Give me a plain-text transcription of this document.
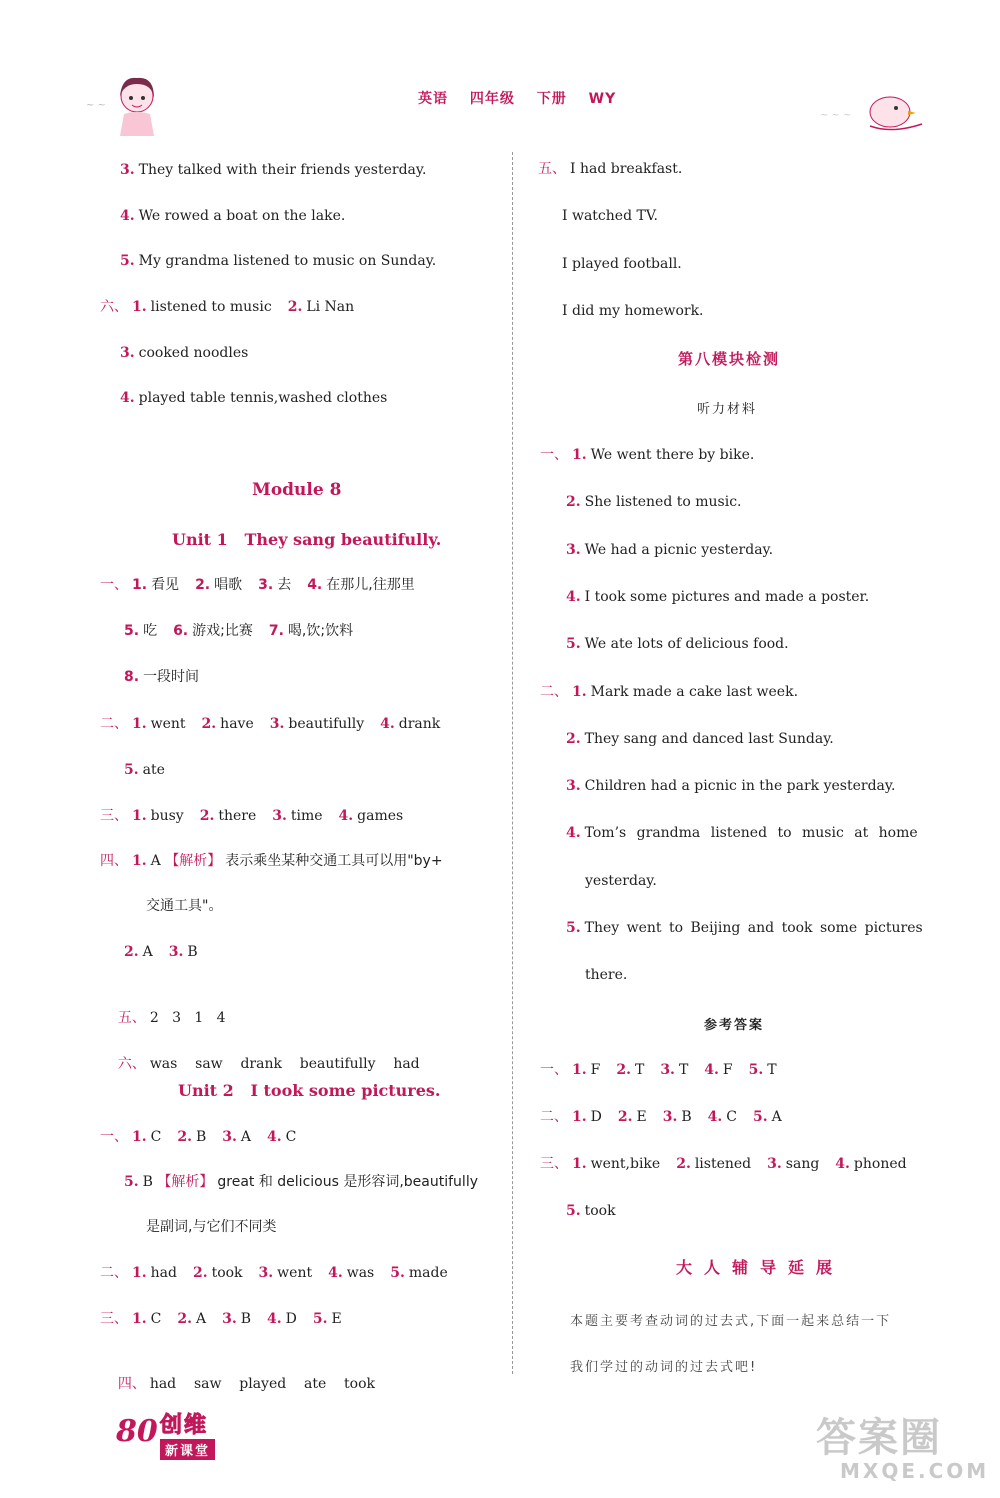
~ ~	英语 四年级 下册 WY
~ ~ ~
3. They talked with their friends yesterday.
4. We rowed a boat on the lake.
5. My grandma listened to music on Sunday.
六、 1. listened to music 2. Li Nan
3. cooked noodles
4. played table tennis,washed clothes
Module 8
Unit 1   They sang beautifully.
一、 1. 看见 2. 唱歌 3. 去 4. 在那儿,往那里
5. 吃 6. 游戏;比赛 7. 喝,饮;饮料
8. 一段时间
二、 1. went 2. have 3. beautifully 4. drank
5. ate
三、 1. busy 2. there 3. time 4. games
四、 1. A 【解析】 表示乘坐某种交通工具可以用"by+
交通工具"。
2. A 3. B

五、 2   3   1   4

六、 was    saw    drank    beautifully    had

Unit 2   I took some pictures.
一、 1. C 2. B 3. A 4. C
5. B 【解析】 great 和 delicious 是形容词,beautifully
是副词,与它们不同类
二、 1. had 2. took 3. went 4. was 5. made
三、 1. C 2. A 3. B 4. D 5. E

四、 had    saw    played    ate    took

五、 I had breakfast.
I watched TV.
I played football.
I did my homework.
第八模块检测
听力材料
一、 1. We went there by bike.
2. She listened to music.
3. We had a picnic yesterday.
4. I took some pictures and made a poster.
5. We ate lots of delicious food.
二、 1. Mark made a cake last week.
2. They sang and danced last Sunday.
3. Children had a picnic in the park yesterday.
4. Tom’s grandma listened to music at home
yesterday.
5. They went to Beijing and took some pictures
there.
参考答案
一、 1. F 2. T 3. T 4. F 5. T
二、 1. D 2. E 3. B 4. C 5. A
三、 1. went,bike 2. listened 3. sang 4. phoned
5. took
大人辅导延展
本题主要考查动词的过去式,下面一起来总结一下
我们学过的动词的过去式吧!
80 创维
新课堂	答案圈
MXQE.COM
